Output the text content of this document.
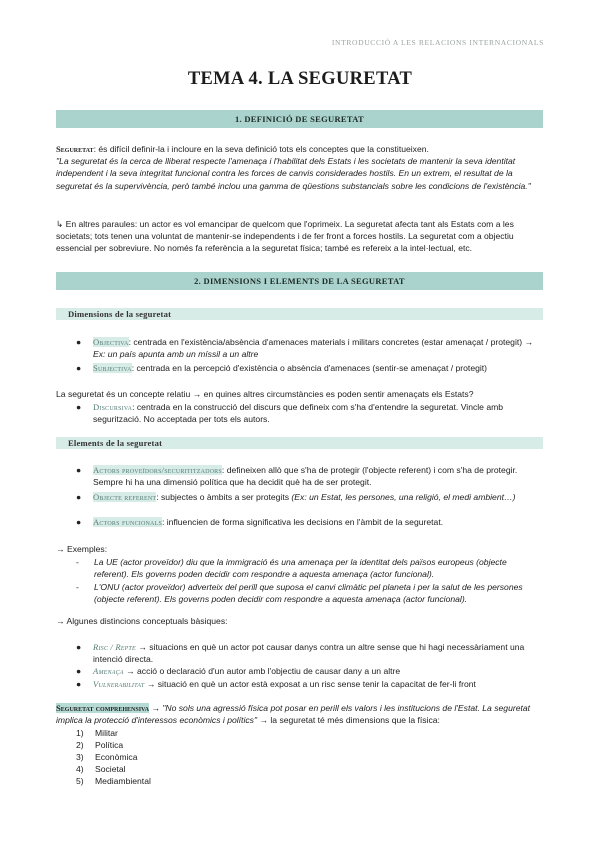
INTRODUCCIÓ A LES RELACIONS INTERNACIONALS
TEMA 4. LA SEGURETAT
1. DEFINICIÓ DE SEGURETAT

Seguretat: és difícil definir-la i incloure en la seva definició tots els conceptes que la constitueixen.

"La seguretat és la cerca de lliberat respecte l'amenaça i l'habilitat dels Estats i les societats de mantenir la seva identitat independent i la seva integritat funcional contra les forces de canvis considerades hostils. En un extrem, el resultat de la seguretat és la supervivència, però també inclou una gamma de qüestions substancials sobre les condicions de l'existència."

↳ En altres paraules: un actor es vol emancipar de quelcom que l'oprimeix. La seguretat afecta tant als Estats com a les societats; tots tenen una voluntat de mantenir-se independents i de fer front a forces hostils. La seguretat com a objectiu essencial per sobreviure. No només fa referència a la seguretat física; també es refereix a la intel·lectual, etc.
2. DIMENSIONS I ELEMENTS DE LA SEGURETAT
Dimensions de la seguretat
● Objectiva: centrada en l'existència/absència d'amenaces materials i militars concretes (estar amenaçat / protegit) → Ex: un país apunta amb un míssil a un altre
● Subjectiva: centrada en la percepció d'existència o absència d'amenaces (sentir-se amenaçat / protegit)
La seguretat és un concepte relatiu → en quines altres circumstàncies es poden sentir amenaçats els Estats?
● Discursiva: centrada en la construcció del discurs que defineix com s'ha d'entendre la seguretat. Vincle amb segurització. No acceptada per tots els autors.
Elements de la seguretat
● Actors proveïdors/securititzadors: defineixen allò que s'ha de protegir (l'objecte referent) i com s'ha de protegir. Sempre hi ha una dimensió política que ha decidit què ha de ser protegit.
● Objecte referent: subjectes o àmbits a ser protegits (Ex: un Estat, les persones, una religió, el medi ambient…)
● Actors funcionals: influencien de forma significativa les decisions en l'àmbit de la seguretat.
→ Exemples:
- La UE (actor proveïdor) diu que la immigració és una amenaça per la identitat dels països europeus (objecte referent). Els governs poden decidir com respondre a aquesta amenaça (actor funcional).
- L'ONU (actor proveïdor) adverteix del perill que suposa el canvi climàtic pel planeta i per la salut de les persones (objecte referent). Els governs poden decidir com respondre a aquesta amenaça (actor funcional).
→ Algunes distincions conceptuals bàsiques:
● Risc / Repte → situacions en què un actor pot causar danys contra un altre sense que hi hagi necessàriament una intenció directa.
● Amenaça → acció o declaració d'un autor amb l'objectiu de causar dany a un altre
● Vulnerabilitat → situació en què un actor està exposat a un risc sense tenir la capacitat de fer-li front
Seguretat comprehensiva → "No sols una agressió física pot posar en perill els valors i les institucions de l'Estat. La seguretat implica la protecció d'interessos econòmics i polítics" → la seguretat té més dimensions que la física:
1) Militar
2) Política
3) Econòmica
4) Societal
5) Mediambiental
